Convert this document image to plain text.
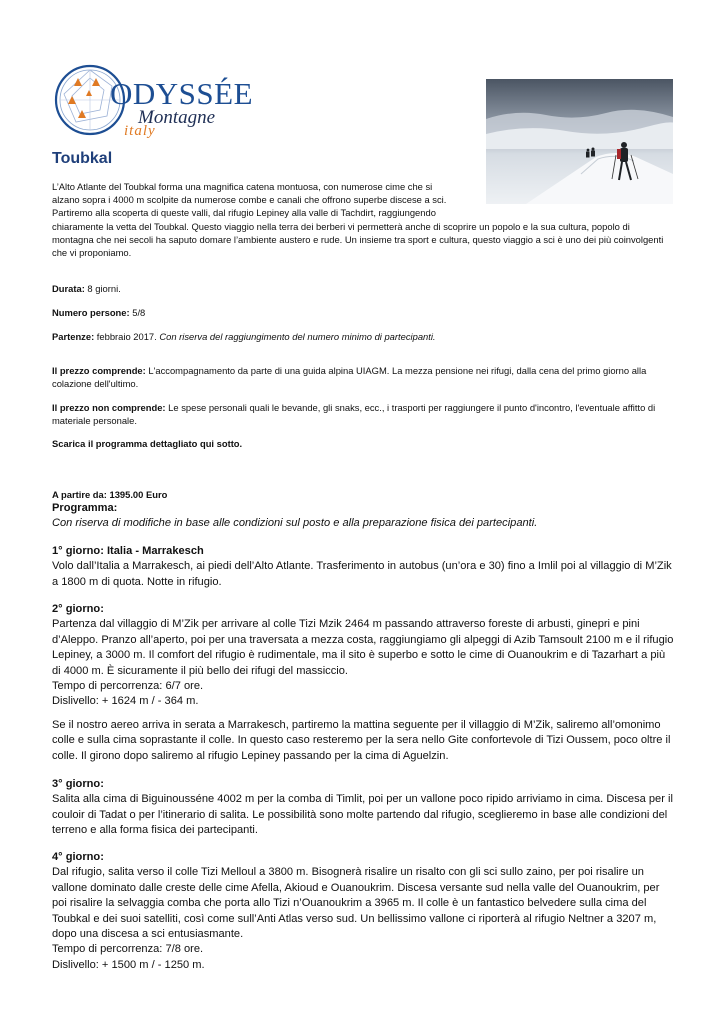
ODYSSÉE
Montagne
italy
Toubkal
L’Alto Atlante del Toubkal forma una magnifica catena montuosa, con numerose cime che si
alzano sopra i 4000 m scolpite da numerose combe e canali che offrono superbe discese a sci.
Partiremo alla scoperta di queste valli, dal rifugio Lepiney alla valle di Tachdirt, raggiungendo
chiaramente la vetta del Toubkal. Questo viaggio nella terra dei berberi vi permetterà anche di scoprire un popolo e la sua cultura, popolo di montagna che nei secoli ha saputo domare l’ambiente austero e rude. Un insieme tra sport e cultura, questo viaggio a sci è uno dei più coinvolgenti che vi proponiamo.
Durata: 8 giorni.
Numero persone: 5/8
Partenze: febbraio 2017. Con riserva del raggiungimento del numero minimo di partecipanti.
Il prezzo comprende: L'accompagnamento da parte di una guida alpina UIAGM. La mezza pensione nei rifugi, dalla cena del primo giorno alla colazione dell'ultimo.
Il prezzo non comprende: Le spese personali quali le bevande, gli snaks, ecc., i trasporti per raggiungere il punto d'incontro, l'eventuale affitto di materiale personale.
Scarica il programma dettagliato qui sotto.
A partire da: 1395.00 Euro
Programma:
Con riserva di modifiche in base alle condizioni sul posto e alla preparazione fisica dei partecipanti.
1° giorno: Italia - Marrakesch
Volo dall’Italia a Marrakesch, ai piedi dell’Alto Atlante. Trasferimento in autobus (un’ora e 30) fino a Imlil poi al villaggio di M’Zik a 1800 m di quota. Notte in rifugio.
2° giorno:
Partenza dal villaggio di M’Zik per arrivare al colle Tizi Mzik 2464 m passando attraverso foreste di arbusti, ginepri e pini d’Aleppo. Pranzo all’aperto, poi per una traversata a mezza costa, raggiungiamo gli alpeggi di Azib Tamsoult 2100 m e il rifugio Lepiney, a 3000 m. Il comfort del rifugio è rudimentale, ma il sito è superbo e sotto le cime di Ouanoukrim e di Tazarhart a più di 4000 m. È sicuramente il più bello dei rifugi del massiccio.
Tempo di percorrenza: 6/7 ore.
Dislivello: + 1624 m / - 364 m.
Se il nostro aereo arriva in serata a Marrakesch, partiremo la mattina seguente per il villaggio di M’Zik, saliremo all’omonimo colle e sulla cima soprastante il colle. In questo caso resteremo per la sera nello Gite confortevole di Tizi Oussem, poco oltre il colle. Il girono dopo saliremo al rifugio Lepiney passando per la cima di Aguelzin.
3° giorno:
Salita alla cima di Biguinousséne 4002 m per la comba di Timlit, poi per un vallone poco ripido arriviamo in cima. Discesa per il couloir di Tadat o per l’itinerario di salita. Le possibilità sono molte partendo dal rifugio, sceglieremo in base alle condizioni del terreno e alla forma fisica dei partecipanti.
4° giorno:
Dal rifugio, salita verso il colle Tizi Melloul a 3800 m. Bisognerà risalire un risalto con gli sci sullo zaino, per poi risalire un vallone dominato dalle creste delle cime Afella, Akioud e Ouanoukrim. Discesa versante sud nella valle del Ouanoukrim, per poi risalire la selvaggia comba che porta allo Tizi n’Ouanoukrim a 3965 m. Il colle è un fantastico belvedere sulla cima del Toubkal e dei suoi satelliti, così come sull’Anti Atlas verso sud. Un bellissimo vallone ci riporterà al rifugio Neltner a 3207 m, dopo una discesa a sci entusiasmante.
Tempo di percorrenza: 7/8 ore.
Dislivello: + 1500 m / - 1250 m.
